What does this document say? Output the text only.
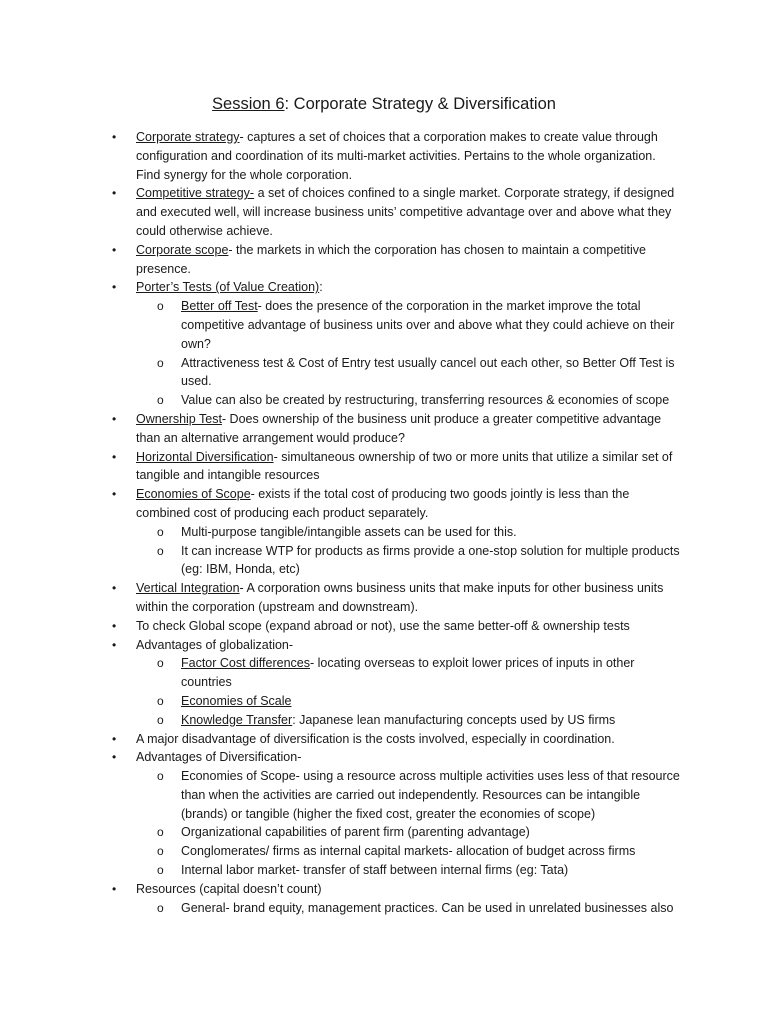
Session 6: Corporate Strategy & Diversification
•	Corporate strategy- captures a set of choices that a corporation makes to create value through configuration and coordination of its multi-market activities. Pertains to the whole organization. Find synergy for the whole corporation.
•	Competitive strategy- a set of choices confined to a single market. Corporate strategy, if designed and executed well, will increase business units’ competitive advantage over and above what they could otherwise achieve.
•	Corporate scope- the markets in which the corporation has chosen to maintain a competitive presence.
•	Porter’s Tests (of Value Creation):
o Better off Test- does the presence of the corporation in the market improve the total competitive advantage of business units over and above what they could achieve on their own?
o Attractiveness test & Cost of Entry test usually cancel out each other, so Better Off Test is used.
o Value can also be created by restructuring, transferring resources & economies of scope
•	Ownership Test- Does ownership of the business unit produce a greater competitive advantage than an alternative arrangement would produce?
•	Horizontal Diversification- simultaneous ownership of two or more units that utilize a similar set of tangible and intangible resources
•	Economies of Scope- exists if the total cost of producing two goods jointly is less than the combined cost of producing each product separately.
o Multi-purpose tangible/intangible assets can be used for this.
o It can increase WTP for products as firms provide a one-stop solution for multiple products (eg: IBM, Honda, etc)
•	Vertical Integration- A corporation owns business units that make inputs for other business units within the corporation (upstream and downstream).
•	To check Global scope (expand abroad or not), use the same better-off & ownership tests
•	Advantages of globalization-
o Factor Cost differences- locating overseas to exploit lower prices of inputs in other countries
o Economies of Scale
o Knowledge Transfer: Japanese lean manufacturing concepts used by US firms
•	A major disadvantage of diversification is the costs involved, especially in coordination.
•	Advantages of Diversification-
o Economies of Scope- using a resource across multiple activities uses less of that resource than when the activities are carried out independently. Resources can be intangible (brands) or tangible (higher the fixed cost, greater the economies of scope)
o Organizational capabilities of parent firm (parenting advantage)
o Conglomerates/ firms as internal capital markets- allocation of budget across firms
o Internal labor market- transfer of staff between internal firms (eg: Tata)
•	Resources (capital doesn’t count)
o General- brand equity, management practices. Can be used in unrelated businesses also
